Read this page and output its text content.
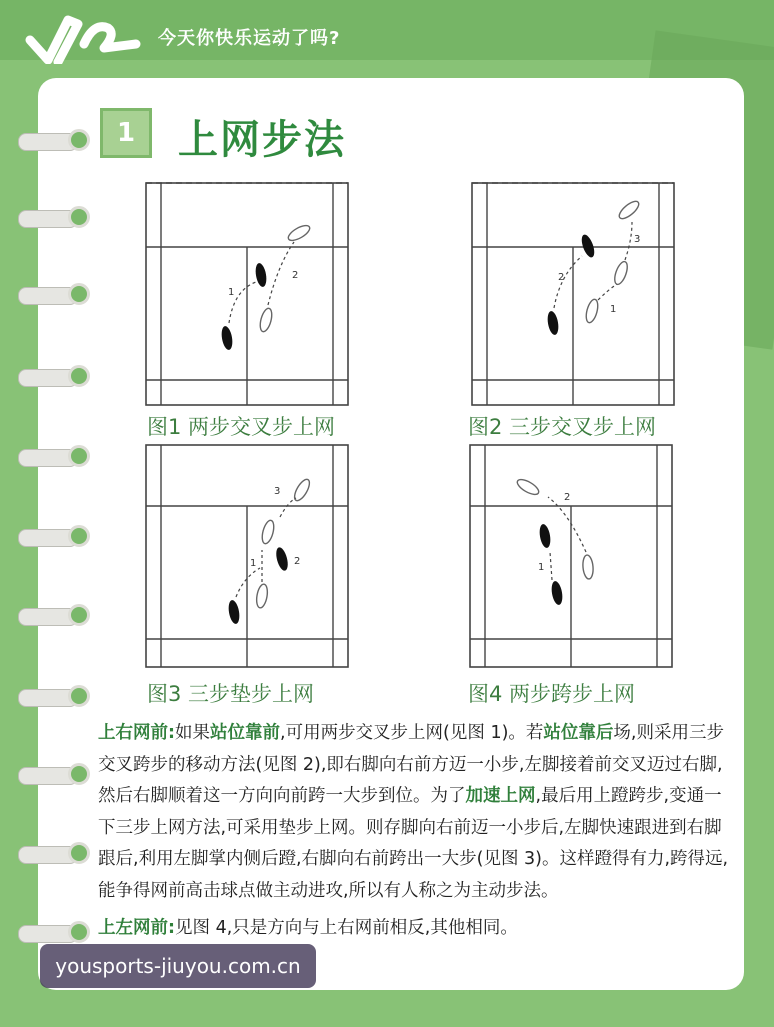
今天你快乐运动了吗?
1	上网步法
1
2
图1 两步交叉步上网
1
2
3
图2 三步交叉步上网
1	2
3
图3 三步垫步上网
1
2
图4 两步跨步上网

上右网前:如果站位靠前,可用两步交叉步上网(见图 1)。若站位靠后场,则采用三步交叉跨步的移动方法(见图 2),即右脚向右前方迈一小步,左脚接着前交叉迈过右脚,然后右脚顺着这一方向向前跨一大步到位。为了加速上网,最后用上蹬跨步,变通一下三步上网方法,可采用垫步上网。则存脚向右前迈一小步后,左脚快速跟进到右脚跟后,利用左脚掌内侧后蹬,右脚向右前跨出一大步(见图 3)。这样蹬得有力,跨得远,能争得网前高击球点做主动进攻,所以有人称之为主动步法。

上左网前:见图 4,只是方向与上右网前相反,其他相同。

yousports-jiuyou.com.cn
